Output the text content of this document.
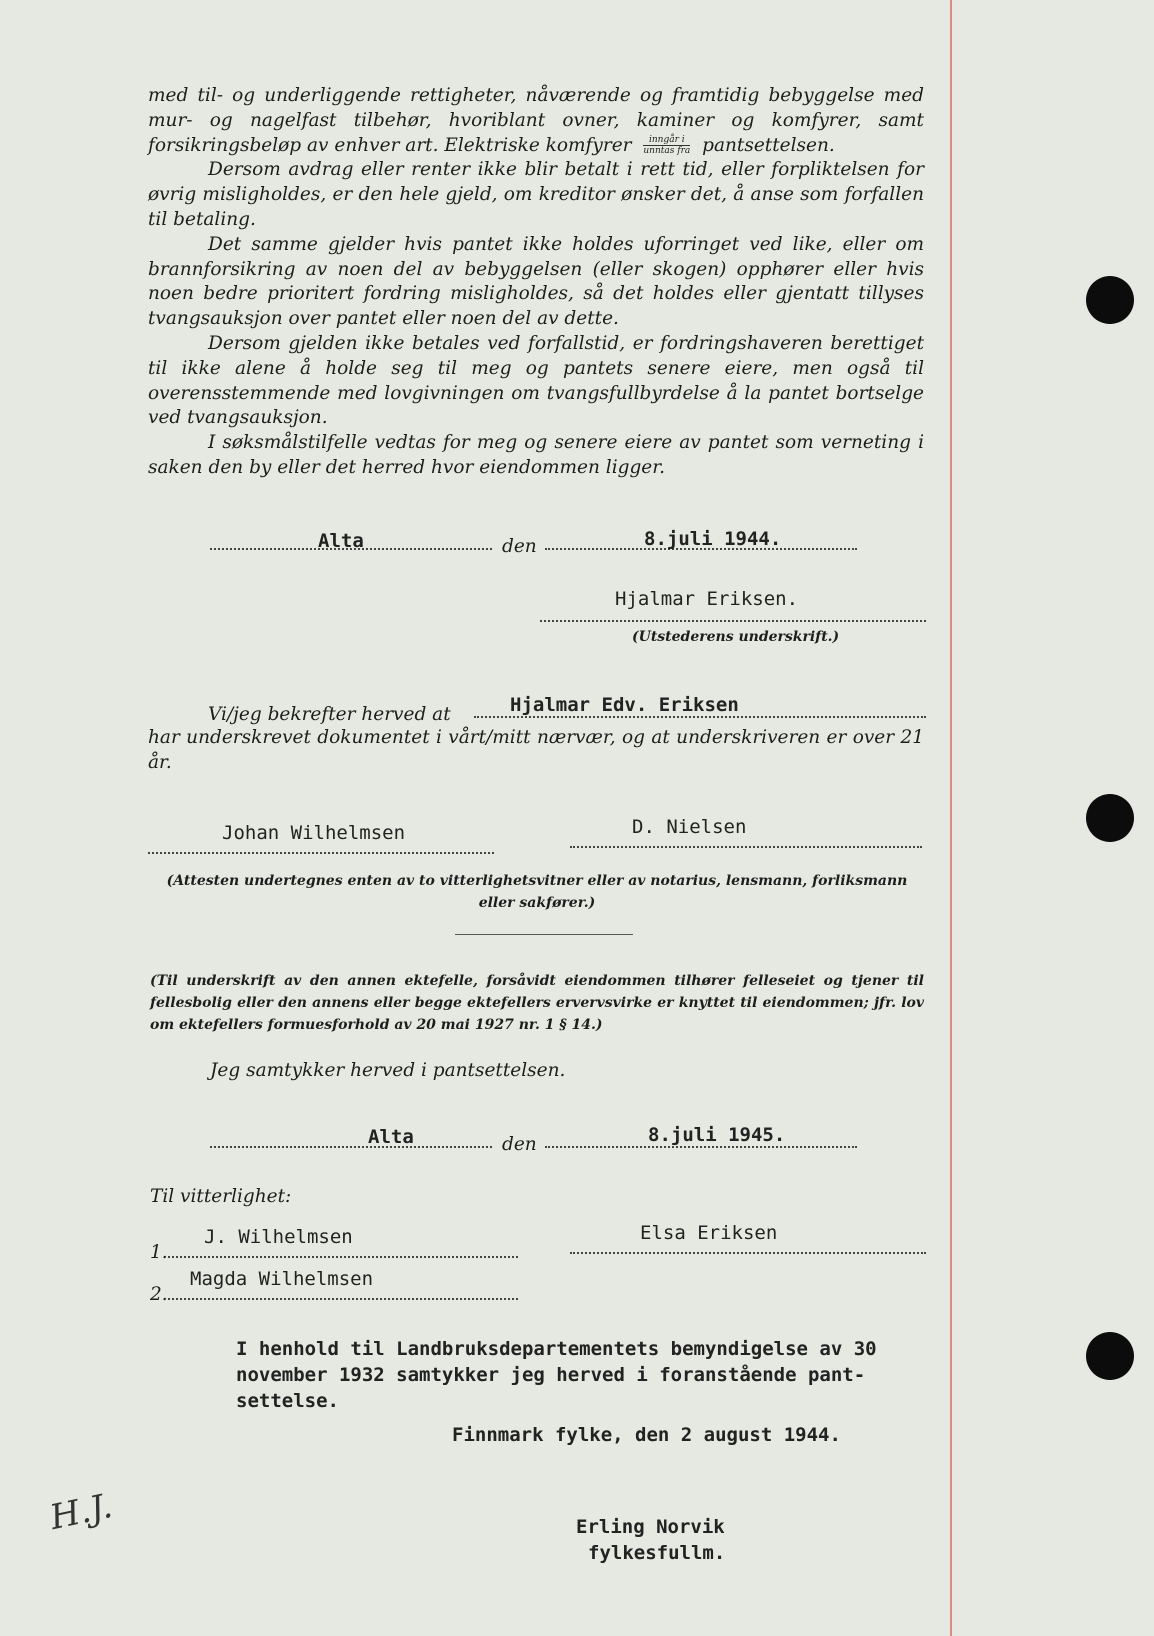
med til- og underliggende rettigheter, nåværende og framtidig bebyggelse med mur- og nagelfast tilbehør, hvoriblant ovner, kaminer og komfyrer, samt forsikringsbeløp av enhver art. Elektriske komfyrer $\frac{\text{inngår i}}{\text{unntas fra}}$ pantsettelsen.

Dersom avdrag eller renter ikke blir betalt i rett tid, eller forpliktelsen for øvrig misligholdes, er den hele gjeld, om kreditor ønsker det, å anse som forfallen til betaling.

Det samme gjelder hvis pantet ikke holdes uforringet ved like, eller om brannforsikring av noen del av bebyggelsen (eller skogen) opphører eller hvis noen bedre prioritert fordring misligholdes, så det holdes eller gjentatt tillyses tvangsauksjon over pantet eller noen del av dette.

Dersom gjelden ikke betales ved forfallstid, er fordringshaveren berettiget til ikke alene å holde seg til meg og pantets senere eiere, men også til overensstemmende med lovgivningen om tvangsfullbyrdelse å la pantet bortselge ved tvangsauksjon.

I søksmålstilfelle vedtas for meg og senere eiere av pantet som verneting i saken den by eller det herred hvor eiendommen ligger.

Alta	den	8.juli 1944.
Hjalmar Eriksen.
(Utstederens underskrift.)
Vi/jeg bekrefter herved at	Hjalmar Edv. Eriksen
har underskrevet dokumentet i vårt/mitt nærvær, og at underskriveren er over 21 år.
Johan Wilhelmsen	D. Nielsen
(Attesten undertegnes enten av to vitterlighetsvitner eller av notarius, lensmann, forliksmann eller sakfører.)
(Til underskrift av den annen ektefelle, forsåvidt eiendommen tilhører felleseiet og tjener til fellesbolig eller den annens eller begge ektefellers ervervsvirke er knyttet til eiendommen; jfr. lov om ektefellers formuesforhold av 20 mai 1927 nr. 1 § 14.)
Jeg samtykker herved i pantsettelsen.
Alta	den	8.juli 1945.
Til vitterlighet:
1.
J. Wilhelmsen
2.
Magda Wilhelmsen
Elsa Eriksen
I henhold til Landbruksdepartementets bemyndigelse av 30
november 1932 samtykker jeg herved i foranstående pant-
settelse.
Finnmark fylke, den 2 august 1944.
Erling Norvik
fylkesfullm.
H.J.
